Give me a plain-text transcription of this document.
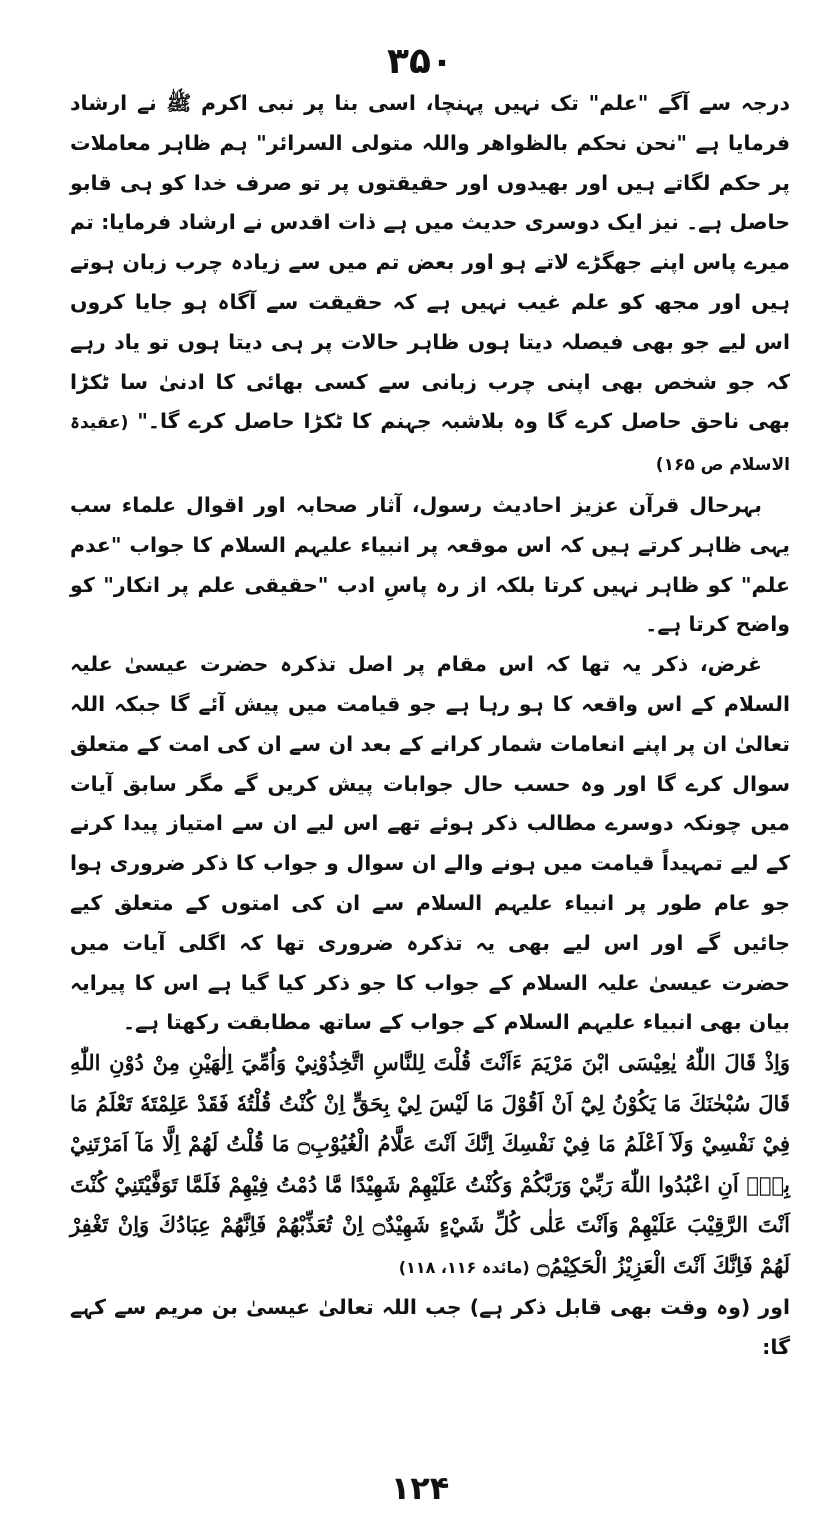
۳۵۰

درجہ سے آگے "علم" تک نہیں پہنچا، اسی بنا پر نبی اکرم ﷺ نے ارشاد فرمایا ہے "نحن نحکم بالظواھر واللہ متولی السرائر" ہم ظاہر معاملات پر حکم لگاتے ہیں اور بھیدوں اور حقیقتوں پر تو صرف خدا کو ہی قابو حاصل ہے۔ نیز ایک دوسری حدیث میں ہے ذات اقدس نے ارشاد فرمایا: تم میرے پاس اپنے جھگڑے لاتے ہو اور بعض تم میں سے زیادہ چرب زبان ہوتے ہیں اور مجھ کو علم غیب نہیں ہے کہ حقیقت سے آگاہ ہو جایا کروں اس لیے جو بھی فیصلہ دیتا ہوں ظاہر حالات پر ہی دیتا ہوں تو یاد رہے کہ جو شخص بھی اپنی چرب زبانی سے کسی بھائی کا ادنیٰ سا ٹکڑا بھی ناحق حاصل کرے گا وہ بلاشبہ جہنم کا ٹکڑا حاصل کرے گا۔" (عقیدۃ الاسلام ص ۱۶۵)

بہرحال قرآن عزیز احادیث رسول، آثار صحابہ اور اقوال علماء سب یہی ظاہر کرتے ہیں کہ اس موقعہ پر انبیاء علیہم السلام کا جواب "عدم علم" کو ظاہر نہیں کرتا بلکہ از رہ پاسِ ادب "حقیقی علم پر انکار" کو واضح کرتا ہے۔

غرض، ذکر یہ تھا کہ اس مقام پر اصل تذکرہ حضرت عیسیٰ علیہ السلام کے اس واقعہ کا ہو رہا ہے جو قیامت میں پیش آئے گا جبکہ اللہ تعالیٰ ان پر اپنے انعامات شمار کرانے کے بعد ان سے ان کی امت کے متعلق سوال کرے گا اور وہ حسب حال جوابات پیش کریں گے مگر سابق آیات میں چونکہ دوسرے مطالب ذکر ہوئے تھے اس لیے ان سے امتیاز پیدا کرنے کے لیے تمہیداً قیامت میں ہونے والے ان سوال و جواب کا ذکر ضروری ہوا جو عام طور پر انبیاء علیہم السلام سے ان کی امتوں کے متعلق کیے جائیں گے اور اس لیے بھی یہ تذکرہ ضروری تھا کہ اگلی آیات میں حضرت عیسیٰ علیہ السلام کے جواب کا جو ذکر کیا گیا ہے اس کا پیرایہ بیان بھی انبیاء علیہم السلام کے جواب کے ساتھ مطابقت رکھتا ہے۔

وَاِذْ قَالَ اللّٰهُ يٰعِيْسَى ابْنَ مَرْيَمَ ءَاَنْتَ قُلْتَ لِلنَّاسِ اتَّخِذُوْنِيْ وَاُمِّيَ اِلٰهَيْنِ مِنْ دُوْنِ اللّٰهِ قَالَ سُبْحٰنَكَ مَا يَكُوْنُ لِيْٓ اَنْ اَقُوْلَ مَا لَيْسَ لِيْ بِحَقٍّ اِنْ كُنْتُ قُلْتُهٗ فَقَدْ عَلِمْتَهٗ تَعْلَمُ مَا فِيْ نَفْسِيْ وَلَآ اَعْلَمُ مَا فِيْ نَفْسِكَ اِنَّكَ اَنْتَ عَلَّامُ الْغُيُوْبِ۝ مَا قُلْتُ لَهُمْ اِلَّا مَآ اَمَرْتَنِيْ بِهٖٓ اَنِ اعْبُدُوا اللّٰهَ رَبِّيْ وَرَبَّكُمْ وَكُنْتُ عَلَيْهِمْ شَهِيْدًا مَّا دُمْتُ فِيْهِمْ فَلَمَّا تَوَفَّيْتَنِيْ كُنْتَ اَنْتَ الرَّقِيْبَ عَلَيْهِمْ وَاَنْتَ عَلٰى كُلِّ شَيْءٍ شَهِيْدٌ۝ اِنْ تُعَذِّبْهُمْ فَاِنَّهُمْ عِبَادُكَ وَاِنْ تَغْفِرْ لَهُمْ فَاِنَّكَ اَنْتَ الْعَزِيْزُ الْحَكِيْمُ۝ (مائدہ ۱۱۶، ۱۱۸)

اور (وہ وقت بھی قابل ذکر ہے) جب اللہ تعالیٰ عیسیٰ بن مریم سے کہے گا:

۱۲۴
